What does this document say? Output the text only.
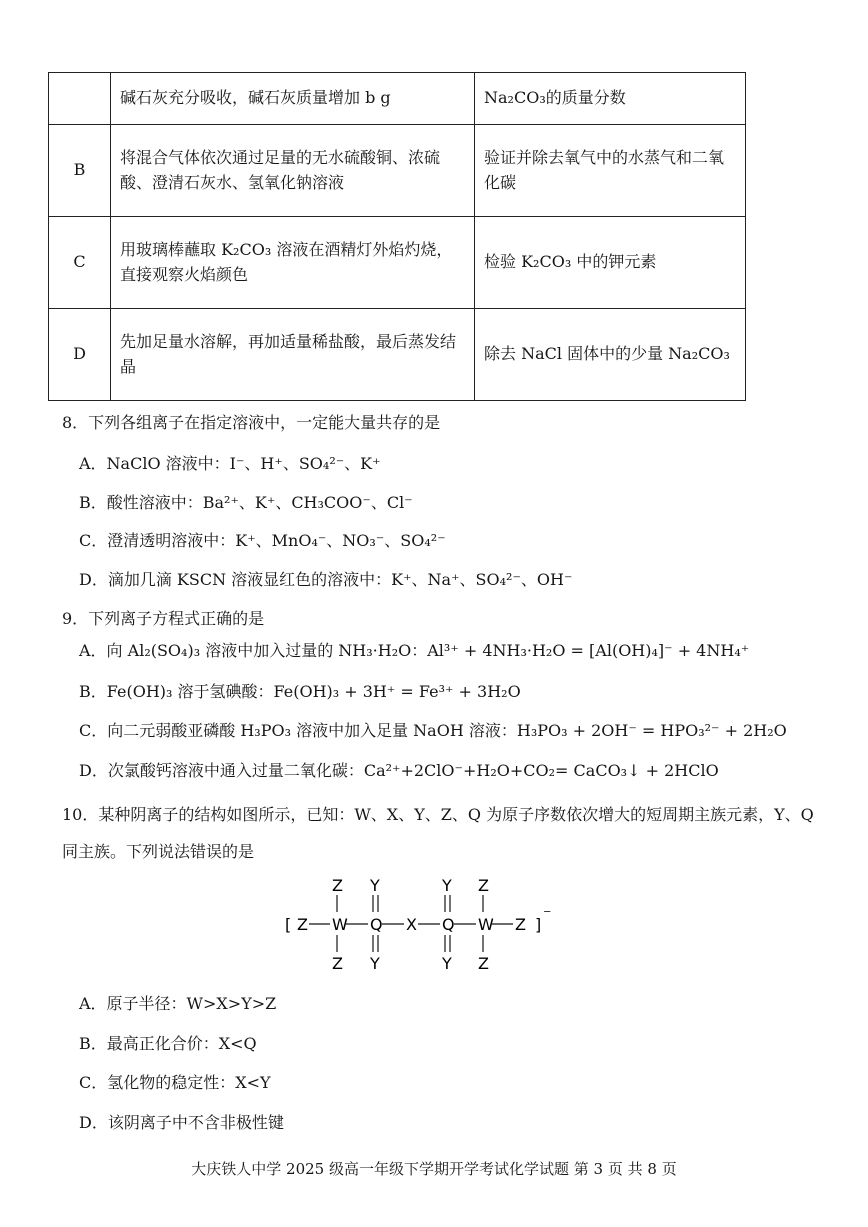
	碱石灰充分吸收，碱石灰质量增加 b g	Na₂CO₃的质量分数
B	将混合气体依次通过足量的无水硫酸铜、浓硫酸、澄清石灰水、氢氧化钠溶液	验证并除去氧气中的水蒸气和二氧化碳
C	用玻璃棒蘸取 K₂CO₃ 溶液在酒精灯外焰灼烧，直接观察火焰颜色	检验 K₂CO₃ 中的钾元素
D	先加足量水溶解，再加适量稀盐酸，最后蒸发结晶	除去 NaCl 固体中的少量 Na₂CO₃
8．下列各组离子在指定溶液中，一定能大量共存的是
A．NaClO 溶液中：I⁻、H⁺、SO₄²⁻、K⁺
B．酸性溶液中：Ba²⁺、K⁺、CH₃COO⁻、Cl⁻
C．澄清透明溶液中：K⁺、MnO₄⁻、NO₃⁻、SO₄²⁻
D．滴加几滴 KSCN 溶液显红色的溶液中：K⁺、Na⁺、SO₄²⁻、OH⁻
9．下列离子方程式正确的是
A．向 Al₂(SO₄)₃ 溶液中加入过量的 NH₃·H₂O：Al³⁺ + 4NH₃·H₂O = [Al(OH)₄]⁻ + 4NH₄⁺
B．Fe(OH)₃ 溶于氢碘酸：Fe(OH)₃ + 3H⁺ = Fe³⁺ + 3H₂O
C．向二元弱酸亚磷酸 H₃PO₃ 溶液中加入足量 NaOH 溶液：H₃PO₃ + 2OH⁻ = HPO₃²⁻ + 2H₂O
D．次氯酸钙溶液中通入过量二氧化碳：Ca²⁺+2ClO⁻+H₂O+CO₂= CaCO₃↓ + 2HClO
10．某种阴离子的结构如图所示，已知：W、X、Y、Z、Q 为原子序数依次增大的短周期主族元素，Y、Q 同主族。下列说法错误的是
[	]
⁻
Z W Q X Q W Z
Z
Z
Y
Y
Y
Y
Z
Z
A．原子半径：W>X>Y>Z
B．最高正化合价：X<Q
C．氢化物的稳定性：X<Y
D．该阴离子中不含非极性键
大庆铁人中学 2025 级高一年级下学期开学考试化学试题 第 3 页 共 8 页
